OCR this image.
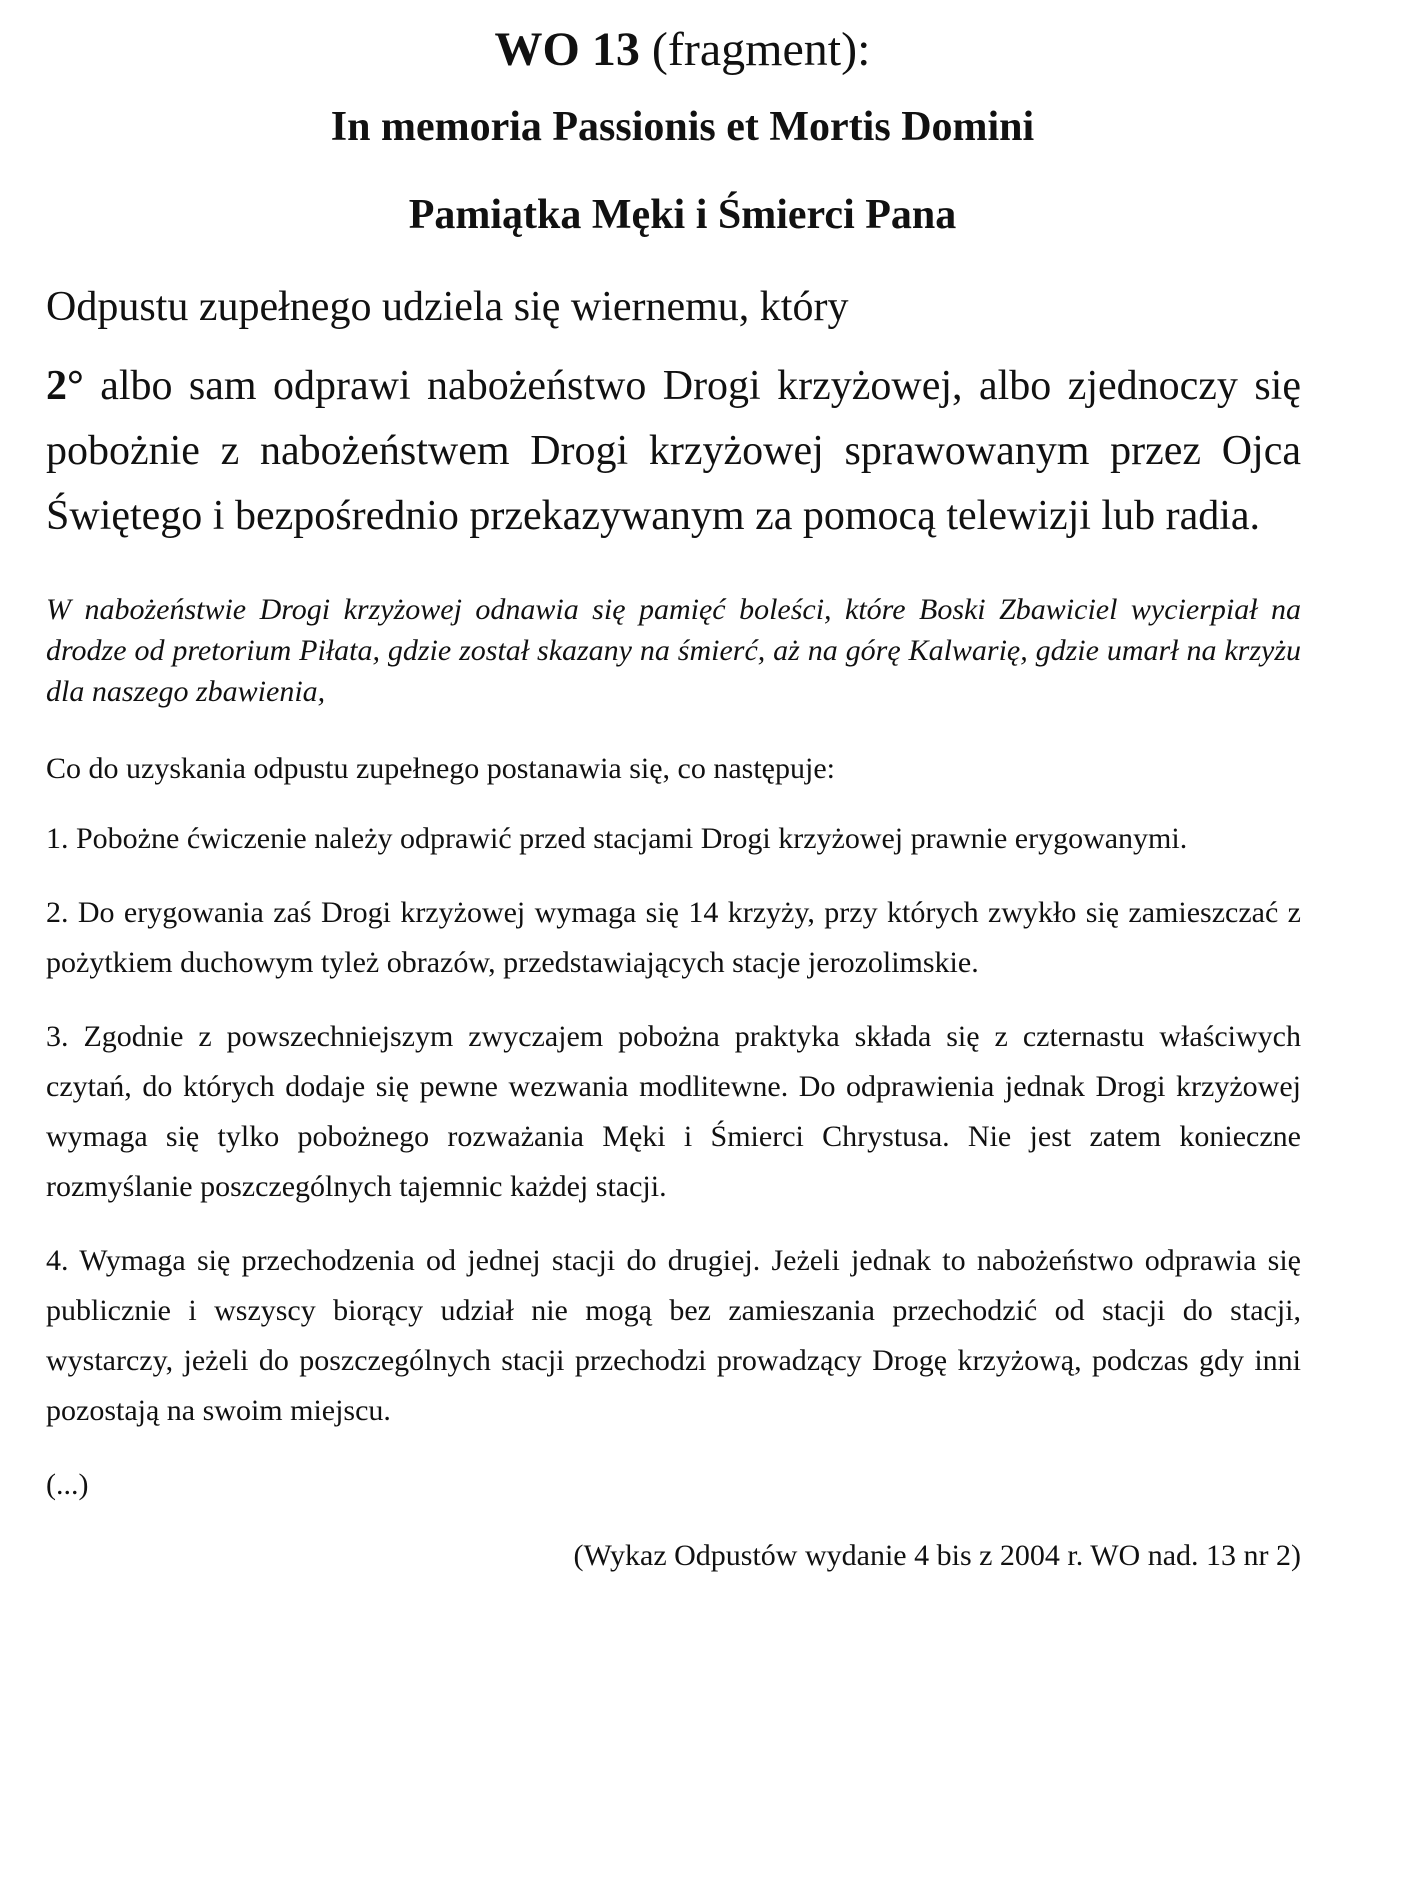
WO 13 (fragment):
In memoria Passionis et Mortis Domini
Pamiątka Męki i Śmierci Pana

Odpustu zupełnego udziela się wiernemu, który

2° albo sam odprawi nabożeństwo Drogi krzyżowej, albo zjednoczy się pobożnie z nabożeństwem Drogi krzyżowej sprawowanym przez Ojca Świętego i bezpośrednio przekazywanym za pomocą telewizji lub radia.

W nabożeństwie Drogi krzyżowej odnawia się pamięć boleści, które Boski Zbawiciel wycierpiał na drodze od pretorium Piłata, gdzie został skazany na śmierć, aż na górę Kalwarię, gdzie umarł na krzyżu dla naszego zbawienia,

Co do uzyskania odpustu zupełnego postanawia się, co następuje:

1. Pobożne ćwiczenie należy odprawić przed stacjami Drogi krzyżowej prawnie erygowanymi.

2. Do erygowania zaś Drogi krzyżowej wymaga się 14 krzyży, przy których zwykło się zamieszczać z pożytkiem duchowym tyleż obrazów, przedstawiających stacje jerozolimskie.

3. Zgodnie z powszechniejszym zwyczajem pobożna praktyka składa się z czternastu właściwych czytań, do których dodaje się pewne wezwania modlitewne. Do odprawienia jednak Drogi krzyżowej wymaga się tylko pobożnego rozważania Męki i Śmierci Chrystusa. Nie jest zatem konieczne rozmyślanie poszczególnych tajemnic każdej stacji.

4. Wymaga się przechodzenia od jednej stacji do drugiej. Jeżeli jednak to nabożeństwo odprawia się publicznie i wszyscy biorący udział nie mogą bez zamieszania przechodzić od stacji do stacji, wystarczy, jeżeli do poszczególnych stacji przechodzi prowadzący Drogę krzyżową, podczas gdy inni pozostają na swoim miejscu.

(...)

(Wykaz Odpustów wydanie 4 bis z 2004 r. WO nad. 13 nr 2)
